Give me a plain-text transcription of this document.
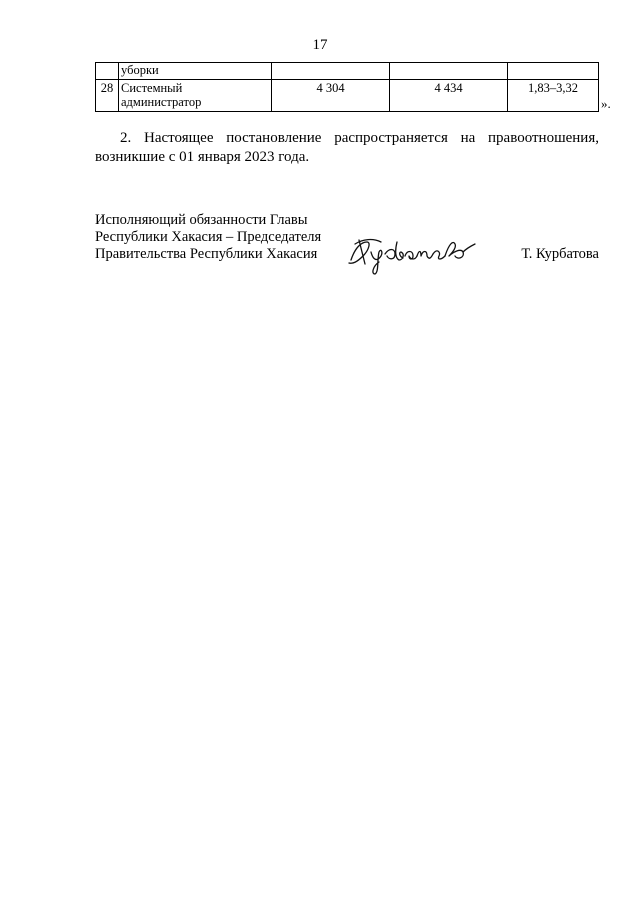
17
	уборки			
28	Системный
администратор	4 304	4 434	1,83–3,32
».

2. Настоящее постановление распространяется на правоотношения, возникшие с 01 января 2023 года.

Исполняющий обязанности Главы
Республики Хакасия – Председателя
Правительства Республики Хакасия	Т. Курбатова
